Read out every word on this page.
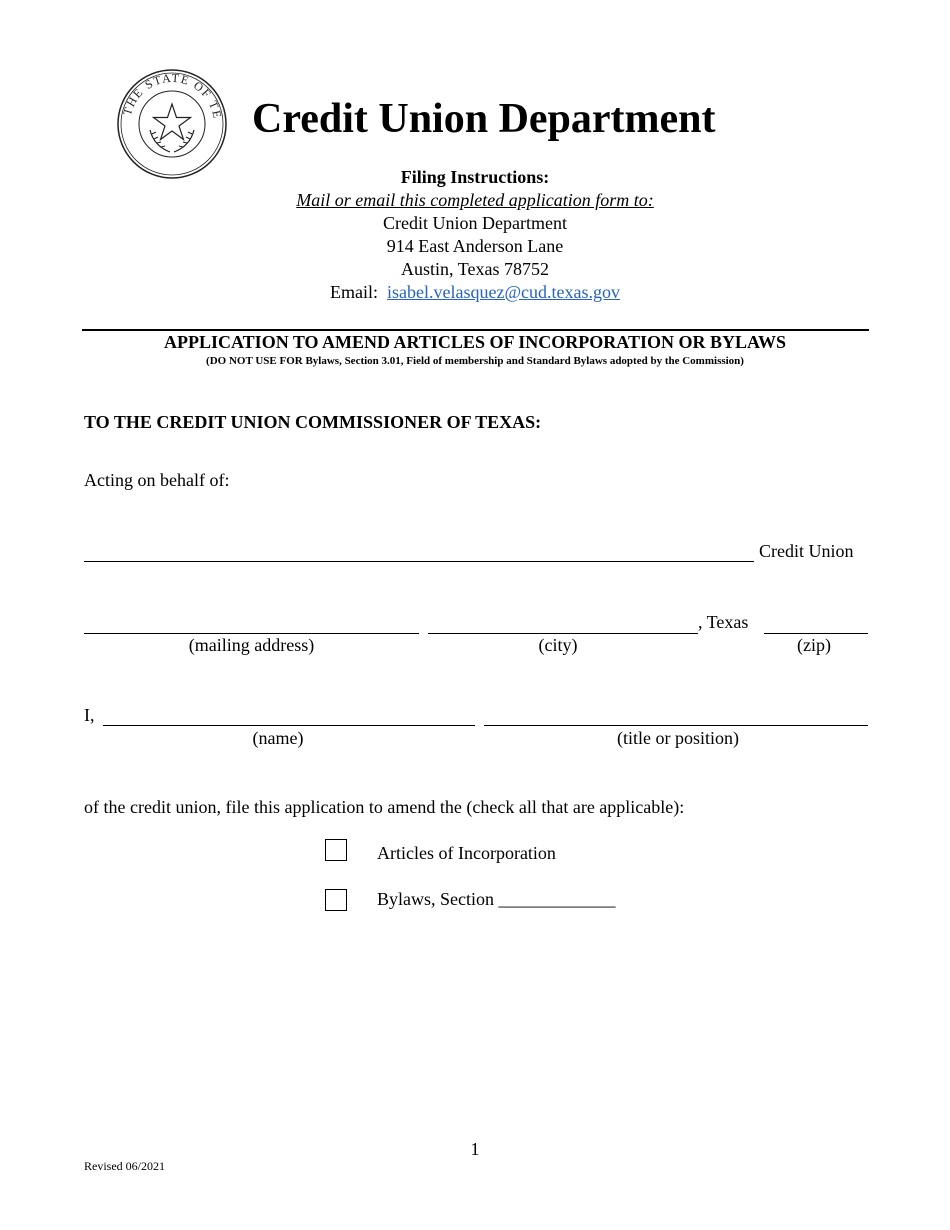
THE STATE OF TE Credit Union Department
Filing Instructions:
Mail or email this completed application form to:
Credit Union Department
914 East Anderson Lane
Austin, Texas 78752
Email: isabel.velasquez@cud.texas.gov
APPLICATION TO AMEND ARTICLES OF INCORPORATION OR BYLAWS
(DO NOT USE FOR Bylaws, Section 3.01, Field of membership and Standard Bylaws adopted by the Commission)
TO THE CREDIT UNION COMMISSIONER OF TEXAS:
Acting on behalf of:
Credit Union
, Texas
(mailing address)	(city)	(zip)
I,
(name)	(title or position)
of the credit union, file this application to amend the (check all that are applicable):
Articles of Incorporation
Bylaws, Section _____________
1
Revised 06/2021
